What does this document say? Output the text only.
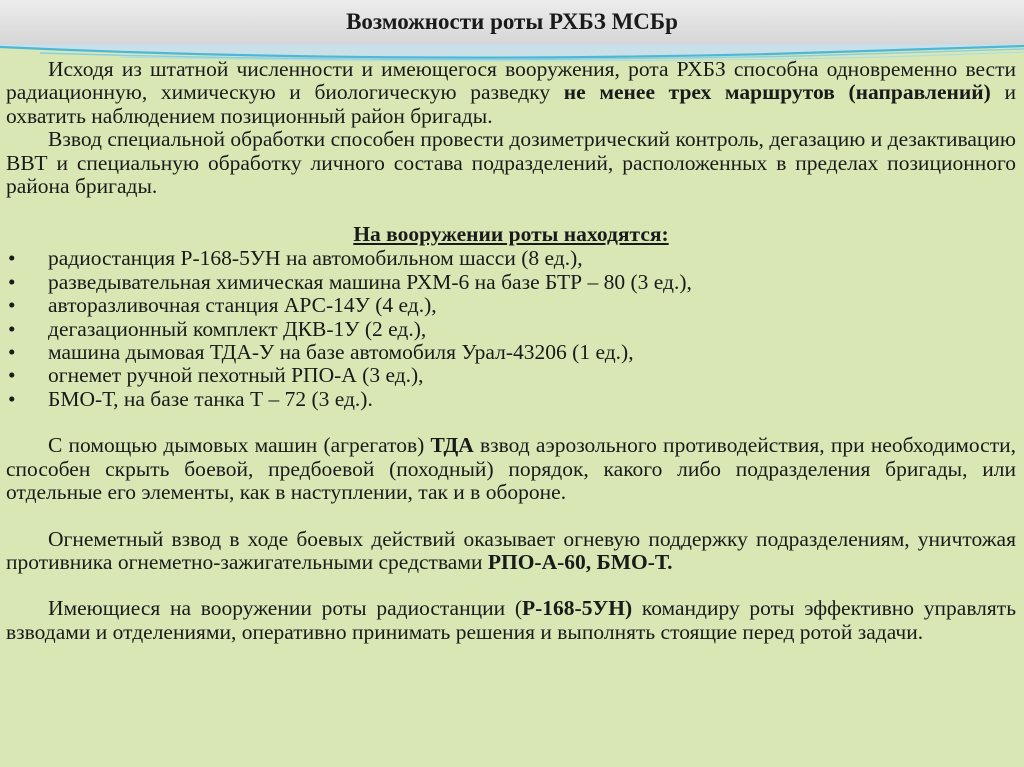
Возможности роты РХБЗ МСБр

Исходя из штатной численности и имеющегося вооружения, рота РХБЗ способна одновременно вести радиационную, химическую и биологическую разведку не менее трех маршрутов (направлений) и охватить наблюдением позиционный район бригады.

Взвод специальной обработки способен провести дозиметрический контроль, дегазацию и дезактивацию ВВТ и специальную обработку личного состава подразделений, расположенных в пределах позиционного района бригады.

На вооружении роты находятся:

• радиостанция Р-168-5УН на автомобильном шасси (8 ед.),
• разведывательная химическая машина РХМ-6 на базе БТР – 80 (3 ед.),
• авторазливочная станция АРС-14У (4 ед.),
• дегазационный комплект ДКВ-1У (2 ед.),
• машина дымовая ТДА-У на базе автомобиля Урал-43206 (1 ед.),
• огнемет ручной пехотный РПО-А (3 ед.),
• БМО-Т, на базе танка Т – 72 (3 ед.).

С помощью дымовых машин (агрегатов) ТДА взвод аэрозольного противодействия, при необходимости, способен скрыть боевой, предбоевой (походный) порядок, какого либо подразделения бригады, или отдельные его элементы, как в наступлении, так и в обороне.

Огнеметный взвод в ходе боевых действий оказывает огневую поддержку подразделениям, уничтожая противника огнеметно-зажигательными средствами РПО-А-60, БМО-Т.

Имеющиеся на вооружении роты радиостанции (Р-168-5УН) командиру роты эффективно управлять взводами и отделениями, оперативно принимать решения и выполнять стоящие перед ротой задачи.
